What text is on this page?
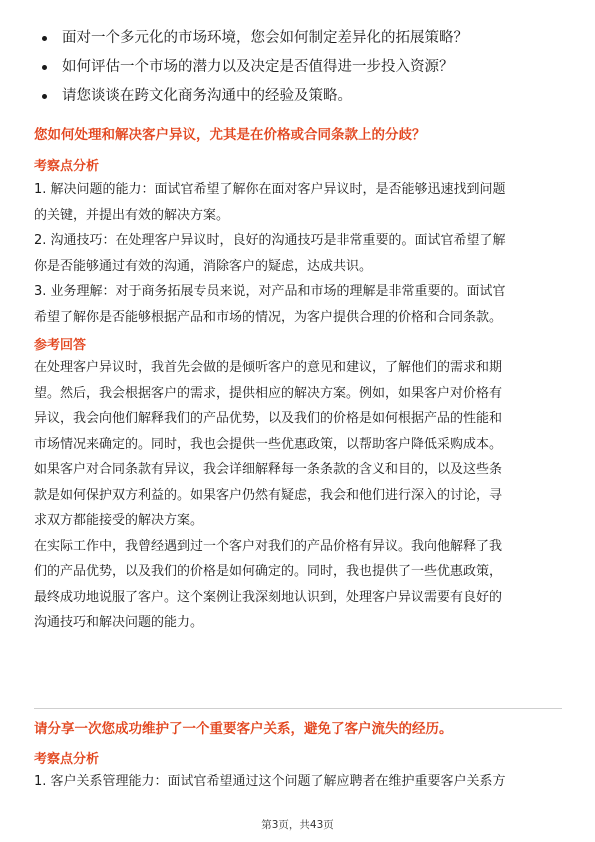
面对一个多元化的市场环境，您会如何制定差异化的拓展策略？
如何评估一个市场的潜力以及决定是否值得进一步投入资源？
请您谈谈在跨文化商务沟通中的经验及策略。
您如何处理和解决客户异议，尤其是在价格或合同条款上的分歧？
考察点分析
1. 解决问题的能力：面试官希望了解你在面对客户异议时，是否能够迅速找到问题
的关键，并提出有效的解决方案。
2. 沟通技巧：在处理客户异议时，良好的沟通技巧是非常重要的。面试官希望了解
你是否能够通过有效的沟通，消除客户的疑虑，达成共识。
3. 业务理解：对于商务拓展专员来说，对产品和市场的理解是非常重要的。面试官
希望了解你是否能够根据产品和市场的情况，为客户提供合理的价格和合同条款。
参考回答
在处理客户异议时，我首先会做的是倾听客户的意见和建议，了解他们的需求和期
望。然后，我会根据客户的需求，提供相应的解决方案。例如，如果客户对价格有
异议，我会向他们解释我们的产品优势，以及我们的价格是如何根据产品的性能和
市场情况来确定的。同时，我也会提供一些优惠政策，以帮助客户降低采购成本。
如果客户对合同条款有异议，我会详细解释每一条条款的含义和目的，以及这些条
款是如何保护双方利益的。如果客户仍然有疑虑，我会和他们进行深入的讨论，寻
求双方都能接受的解决方案。
在实际工作中，我曾经遇到过一个客户对我们的产品价格有异议。我向他解释了我
们的产品优势，以及我们的价格是如何确定的。同时，我也提供了一些优惠政策，
最终成功地说服了客户。这个案例让我深刻地认识到，处理客户异议需要有良好的
沟通技巧和解决问题的能力。
请分享一次您成功维护了一个重要客户关系，避免了客户流失的经历。
考察点分析
1. 客户关系管理能力：面试官希望通过这个问题了解应聘者在维护重要客户关系方
第3页，共43页
